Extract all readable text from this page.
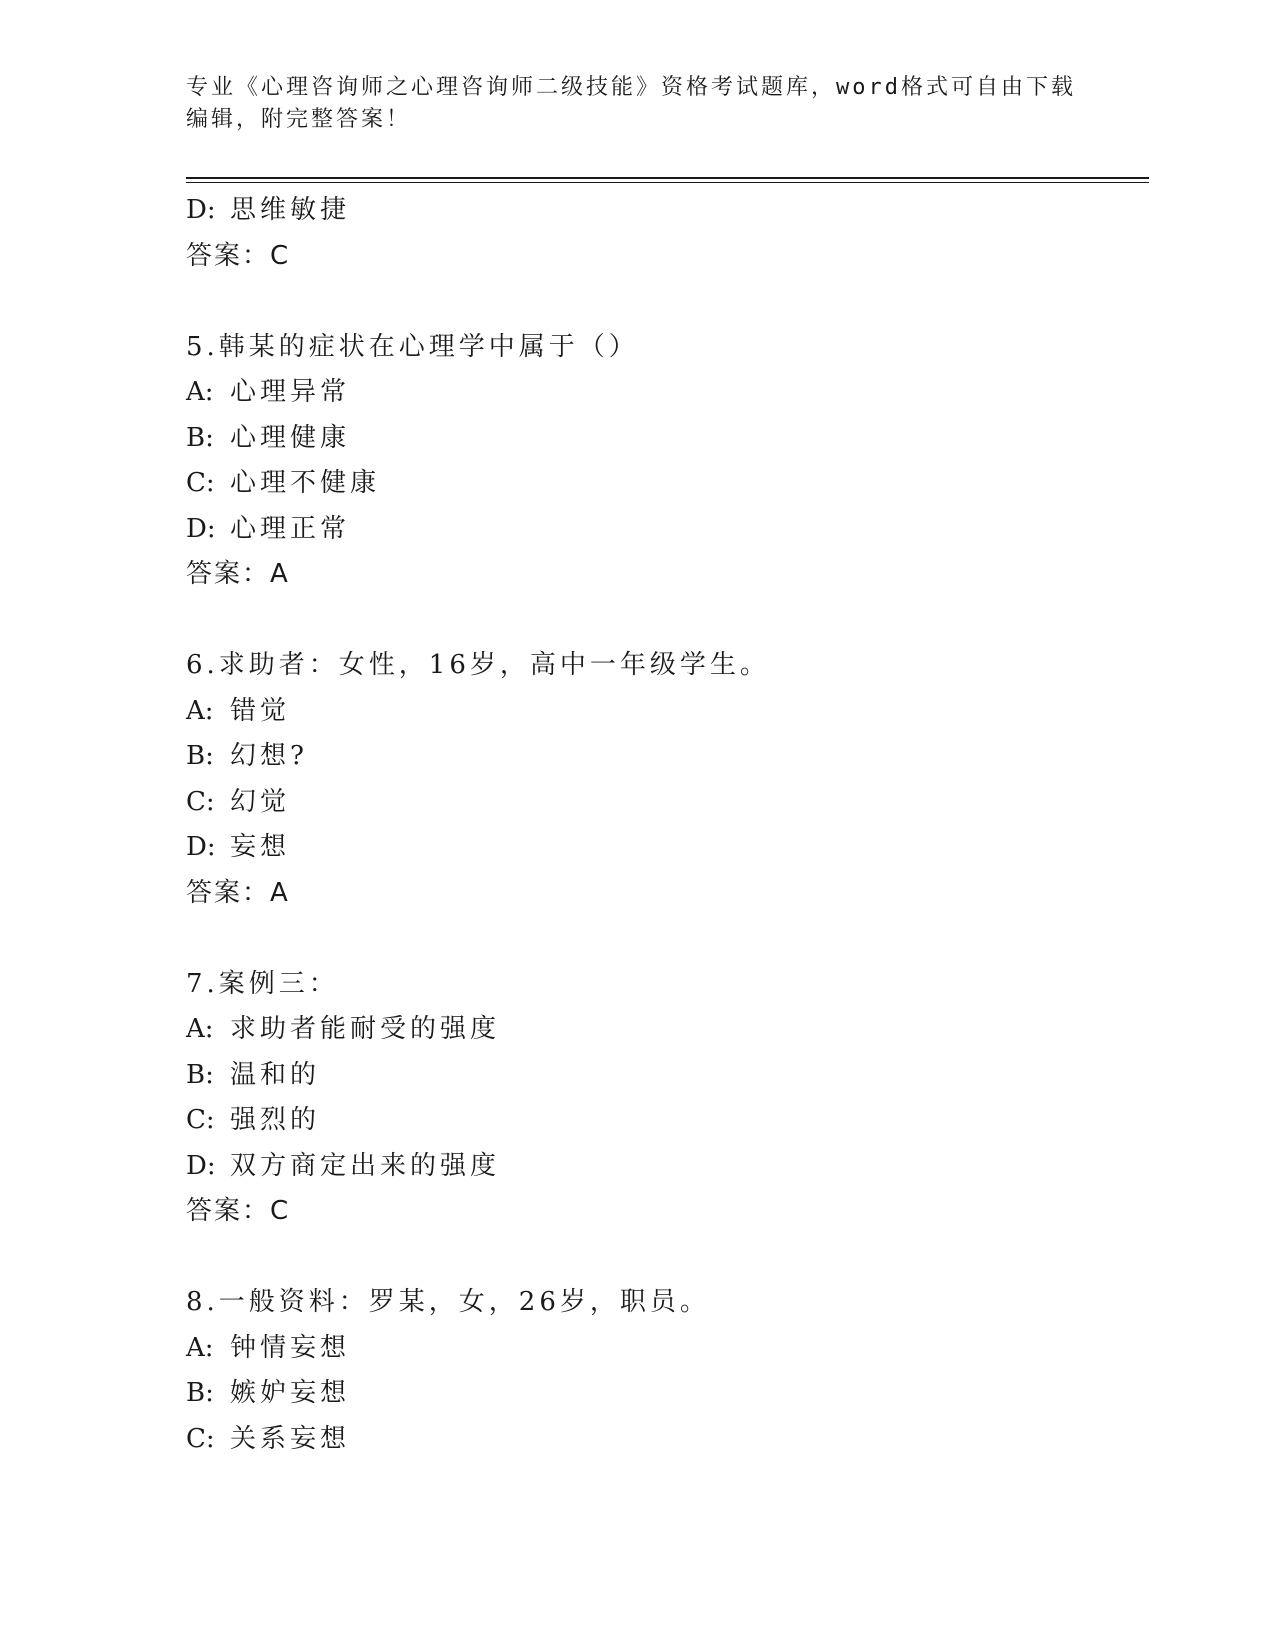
专业《心理咨询师之心理咨询师二级技能》资格考试题库，word格式可自由下载
编辑，附完整答案！
D: 思维敏捷
答案：C
5.韩某的症状在心理学中属于（）
A: 心理异常
B: 心理健康
C: 心理不健康
D: 心理正常
答案：A
6.求助者：女性，16岁，高中一年级学生。
A: 错觉
B: 幻想?
C: 幻觉
D: 妄想
答案：A
7.案例三：
A: 求助者能耐受的强度
B: 温和的
C: 强烈的
D: 双方商定出来的强度
答案：C
8.一般资料：罗某，女，26岁，职员。
A: 钟情妄想
B: 嫉妒妄想
C: 关系妄想
